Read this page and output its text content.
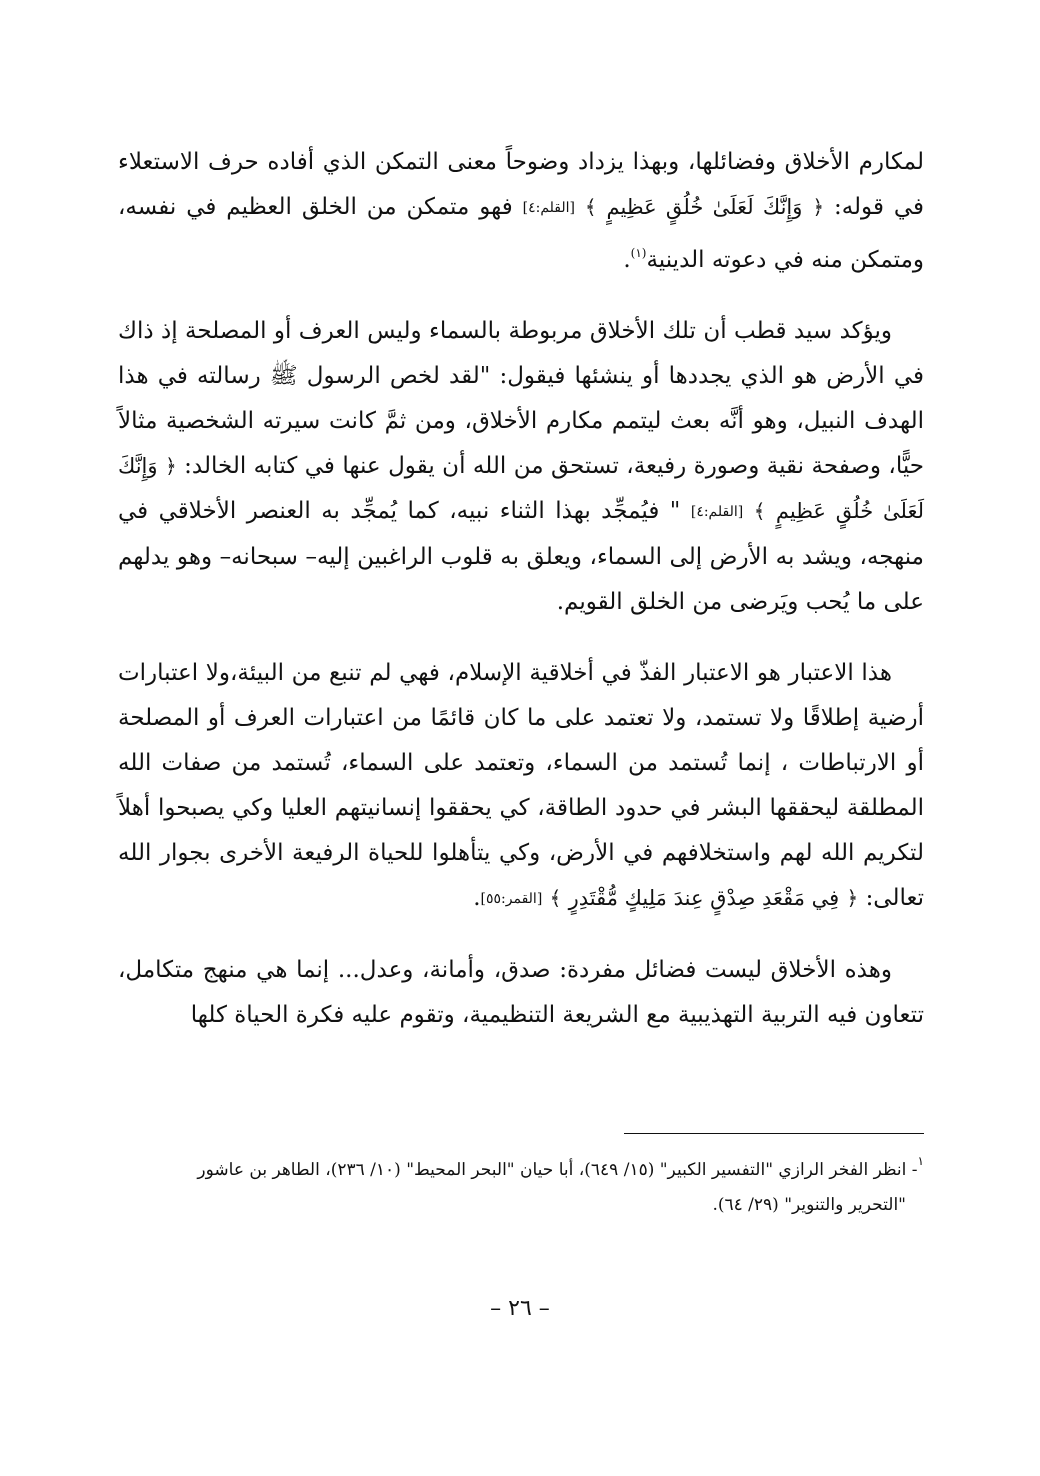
لمكارم الأخلاق وفضائلها، وبهذا يزداد وضوحاً معنى التمكن الذي أفاده حرف الاستعلاء في قوله: ﴿ وَإِنَّكَ لَعَلَىٰ خُلُقٍ عَظِيمٍ ﴾ [القلم:٤] فهو متمكن من الخلق العظيم في نفسه، ومتمكن منه في دعوته الدينية$^{(١)}$.

ويؤكد سيد قطب أن تلك الأخلاق مربوطة بالسماء وليس العرف أو المصلحة إذ ذاك في الأرض هو الذي يجددها أو ينشئها فيقول: "لقد لخص الرسول ﷺ رسالته في هذا الهدف النبيل، وهو أنَّه بعث ليتمم مكارم الأخلاق، ومن ثمَّ كانت سيرته الشخصية مثالاً حيًّا، وصفحة نقية وصورة رفيعة، تستحق من الله أن يقول عنها في كتابه الخالد: ﴿ وَإِنَّكَ لَعَلَىٰ خُلُقٍ عَظِيمٍ ﴾ [القلم:٤] " فيُمجِّد بهذا الثناء نبيه، كما يُمجِّد به العنصر الأخلاقي في منهجه، ويشد به الأرض إلى السماء، ويعلق به قلوب الراغبين إليه– سبحانه– وهو يدلهم على ما يُحب ويَرضى من الخلق القويم.

هذا الاعتبار هو الاعتبار الفذّ في أخلاقية الإسلام، فهي لم تنبع من البيئة،ولا اعتبارات أرضية إطلاقًا ولا تستمد، ولا تعتمد على ما كان قائمًا من اعتبارات العرف أو المصلحة أو الارتباطات ، إنما تُستمد من السماء، وتعتمد على السماء، تُستمد من صفات الله المطلقة ليحققها البشر في حدود الطاقة، كي يحققوا إنسانيتهم العليا وكي يصبحوا أهلاً لتكريم الله لهم واستخلافهم في الأرض، وكي يتأهلوا للحياة الرفيعة الأخرى بجوار الله تعالى: ﴿ فِي مَقْعَدِ صِدْقٍ عِندَ مَلِيكٍ مُّقْتَدِرٍ ﴾ [القمر:٥٥].

وهذه الأخلاق ليست فضائل مفردة: صدق، وأمانة، وعدل... إنما هي منهج متكامل، تتعاون فيه التربية التهذيبية مع الشريعة التنظيمية، وتقوم عليه فكرة الحياة كلها

$^١$- انظر الفخر الرازي "التفسير الكبير" (١٥/ ٦٤٩)، أبا حيان "البحر المحيط" (١٠/ ٢٣٦)، الطاهر بن عاشور
"التحرير والتنوير" (٢٩/ ٦٤).
– ٢٦ –
